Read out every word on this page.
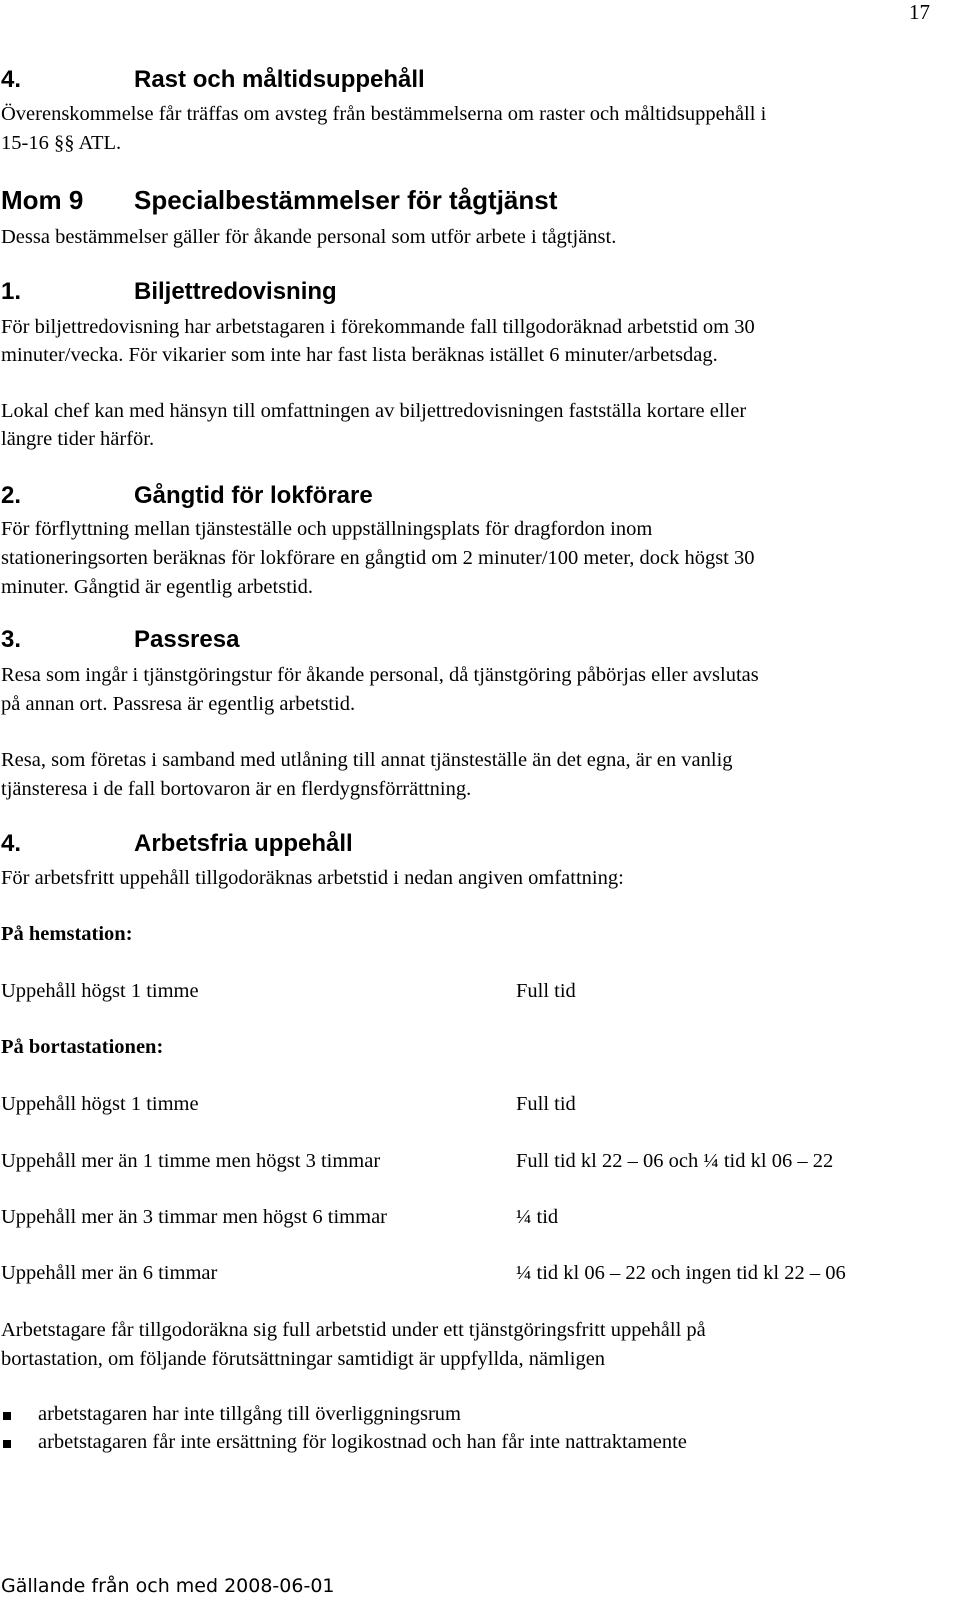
17
4.	Rast och måltidsuppehåll
Överenskommelse får träffas om avsteg från bestämmelserna om raster och måltidsuppehåll i
15-16 §§ ATL.
Mom 9 Specialbestämmelser för tågtjänst
Dessa bestämmelser gäller för åkande personal som utför arbete i tågtjänst.
1.	Biljettredovisning
För biljettredovisning har arbetstagaren i förekommande fall tillgodoräknad arbetstid om 30
minuter/vecka. För vikarier som inte har fast lista beräknas istället 6 minuter/arbetsdag.
Lokal chef kan med hänsyn till omfattningen av biljettredovisningen fastställa kortare eller
längre tider härför.
2.	Gångtid för lokförare
För förflyttning mellan tjänsteställe och uppställningsplats för dragfordon inom
stationeringsorten beräknas för lokförare en gångtid om 2 minuter/100 meter, dock högst 30
minuter. Gångtid är egentlig arbetstid.
3.	Passresa
Resa som ingår i tjänstgöringstur för åkande personal, då tjänstgöring påbörjas eller avslutas
på annan ort. Passresa är egentlig arbetstid.
Resa, som företas i samband med utlåning till annat tjänsteställe än det egna, är en vanlig
tjänsteresa i de fall bortovaron är en flerdygnsförrättning.
4.	Arbetsfria uppehåll
För arbetsfritt uppehåll tillgodoräknas arbetstid i nedan angiven omfattning:
På hemstation:
Uppehåll högst 1 timme	Full tid
På bortastationen:
Uppehåll högst 1 timme	Full tid
Uppehåll mer än 1 timme men högst 3 timmar	Full tid kl 22 – 06 och ¼ tid kl 06 – 22
Uppehåll mer än 3 timmar men högst 6 timmar	¼ tid
Uppehåll mer än 6 timmar	¼ tid kl 06 – 22 och ingen tid kl 22 – 06
Arbetstagare får tillgodoräkna sig full arbetstid under ett tjänstgöringsfritt uppehåll på
bortastation, om följande förutsättningar samtidigt är uppfyllda, nämligen
arbetstagaren har inte tillgång till överliggningsrum
arbetstagaren får inte ersättning för logikostnad och han får inte nattraktamente
Gällande från och med 2008-06-01
